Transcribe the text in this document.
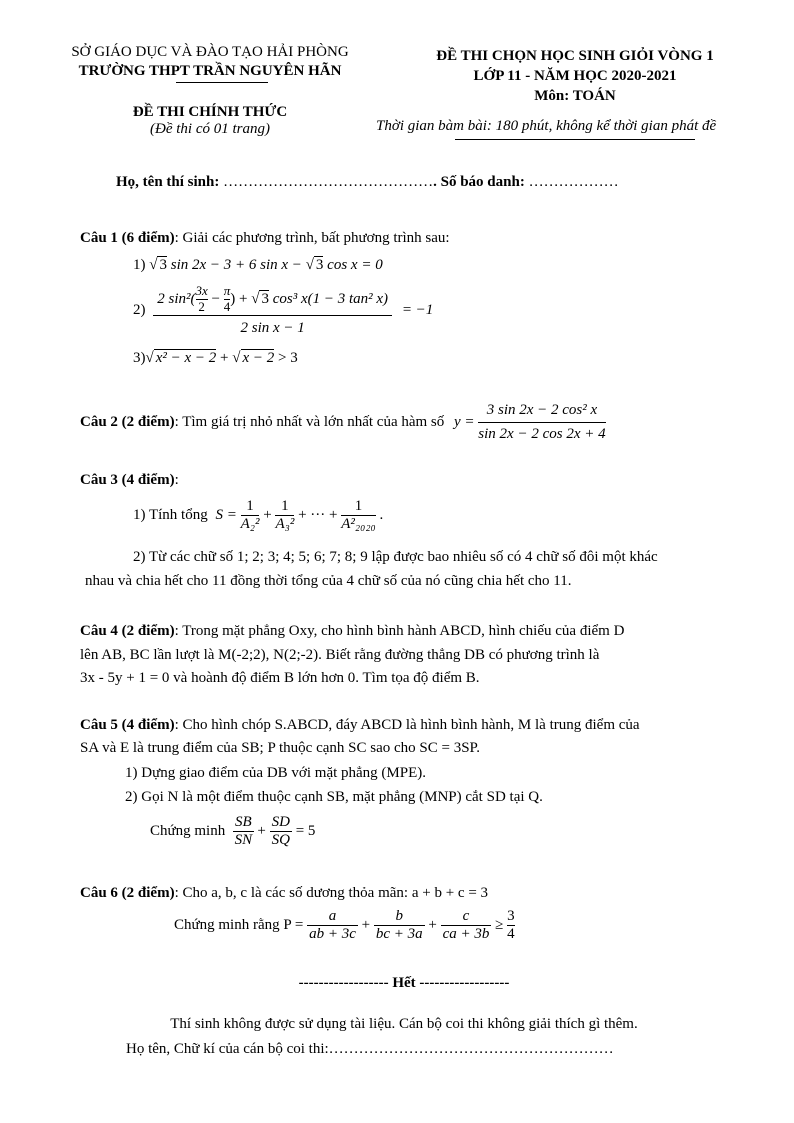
SỞ GIÁO DỤC VÀ ĐÀO TẠO HẢI PHÒNG
TRƯỜNG THPT TRẦN NGUYÊN HÃN
ĐỀ THI CHÍNH THỨC
(Đề thi có 01 trang)
ĐỀ THI CHỌN HỌC SINH GIỎI VÒNG 1
LỚP 11 - NĂM HỌC 2020-2021
Môn: TOÁN
Thời gian bàm bài: 180 phút, không kể thời gian phát đề
Họ, tên thí sinh: ……………………………………. Số báo danh: ………………
Câu 1 (6 điểm): Giải các phương trình, bất phương trình sau:
1) √ 3 sin 2x − 3 + 6 sin x − √ 3 cos x = 0
$2) \frac{2 \sin^2( \frac{3x}{2} - \frac{\pi}{4} ) + √ 3 \cos^3 x(1 - 3 \tan^2 x)}{\text{2 sin x − 1}} = -1$
3)√ x² − x − 2 + √ x − 2 > 3
Câu 2 (2 điểm): Tìm giá trị nhỏ nhất và lớn nhất của hàm số $y = \frac{\text{3 sin 2x − 2 cos² x}}{\sin 2x - 2 \cos 2x + 4}$
Câu 3 (4 điểm):
1) Tính tổng $S = \frac{1}{\text{A₂²}} + \frac{1}{\text{A₃²}}$ + ··· + $\frac{1}{\text{A²₂₀₂₀}}$ .
2) Từ các chữ số 1; 2; 3; 4; 5; 6; 7; 8; 9 lập được bao nhiêu số có 4 chữ số đôi một khác
nhau và chia hết cho 11 đồng thời tổng của 4 chữ số của nó cũng chia hết cho 11.
Câu 4 (2 điểm): Trong mặt phẳng Oxy, cho hình bình hành ABCD, hình chiếu của điểm D
lên AB, BC lần lượt là M(-2;2), N(2;-2). Biết rằng đường thẳng DB có phương trình là
3x - 5y + 1 = 0 và hoành độ điểm B lớn hơn 0. Tìm tọa độ điểm B.
Câu 5 (4 điểm): Cho hình chóp S.ABCD, đáy ABCD là hình bình hành, M là trung điểm của
SA và E là trung điểm của SB; P thuộc cạnh SC sao cho SC = 3SP.
1) Dựng giao điểm của DB với mặt phẳng (MPE).
2) Gọi N là một điểm thuộc cạnh SB, mặt phẳng (MNP) cắt SD tại Q.
Chứng minh $\frac{SB}{SN} + \frac{SD}{SQ} = 5$
Câu 6 (2 điểm): Cho a, b, c là các số dương thỏa mãn: a + b + c = 3
Chứng minh rằng $P = \frac{a}{ab + 3c} + \frac{b}{bc + 3a} + \frac{c}{ca + 3b} \ge \frac{3}{4}$
------------------ Hết ------------------
Thí sinh không được sử dụng tài liệu. Cán bộ coi thi không giải thích gì thêm.
Họ tên, Chữ kí của cán bộ coi thi:…………………………………………………
